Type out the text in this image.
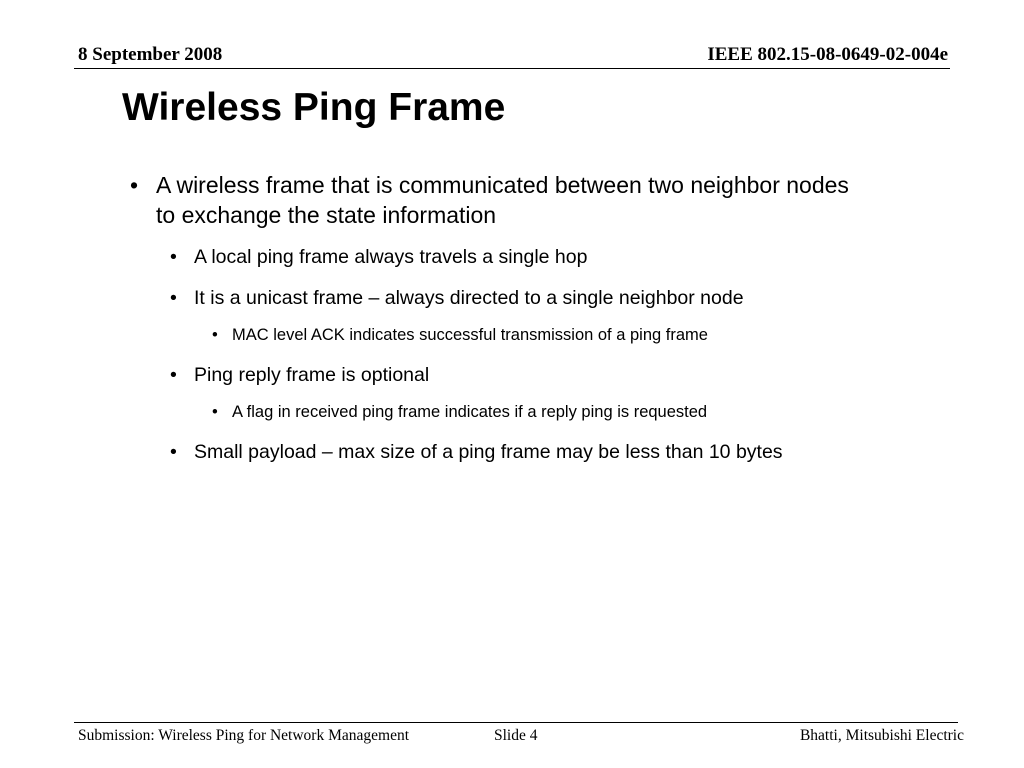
8 September 2008	IEEE 802.15-08-0649-02-004e
Wireless Ping Frame
• A wireless frame that is communicated between two neighbor nodes to exchange the state information
• A local ping frame always travels a single hop
• It is a unicast frame – always directed to a single neighbor node
• MAC level ACK indicates successful transmission of a ping frame
• Ping reply frame is optional
• A flag in received ping frame indicates if a reply ping is requested
• Small payload – max size of a ping frame may be less than 10 bytes
Submission: Wireless Ping for Network Management	Slide 4	Bhatti, Mitsubishi Electric
